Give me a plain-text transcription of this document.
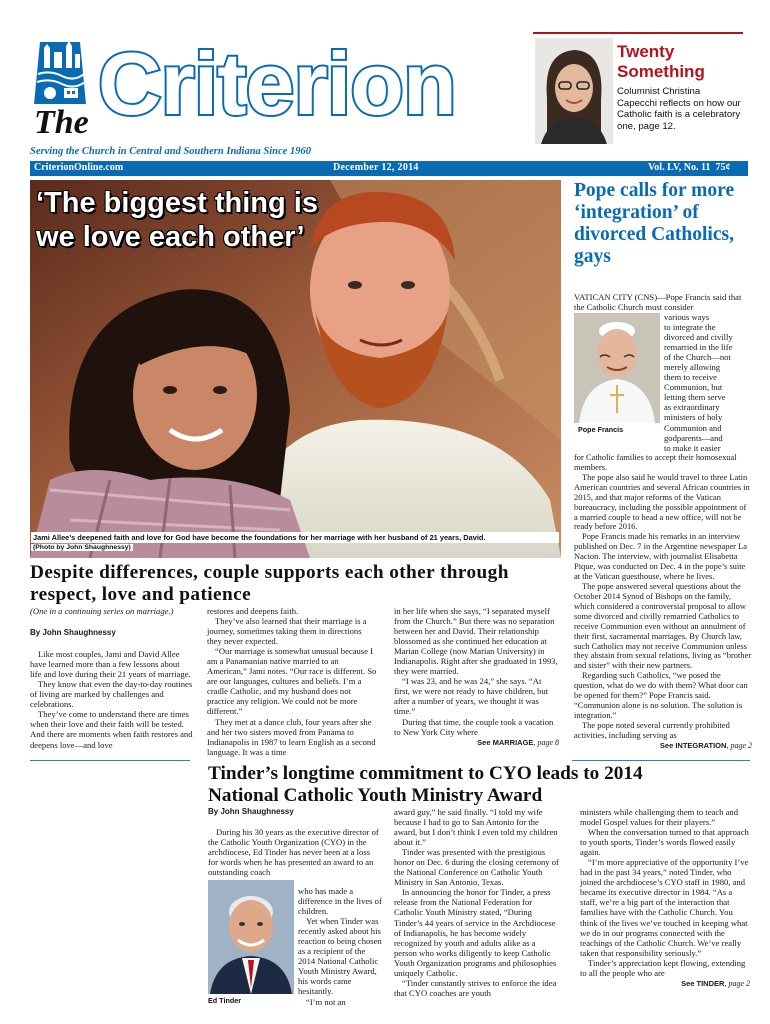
The Criterion
Serving the Church in Central and Southern Indiana Since 1960
CriterionOnline.com	December 12, 2014	Vol. LV, No. 11 75¢
Twenty
Something
Columnist Christina Capecchi reflects on how our Catholic faith is a celebratory one, page 12.
‘The biggest thing is we love each other’
Jami Allee’s deepened faith and love for God have become the foundations for her marriage with her husband of 21 years, David.
(Photo by John Shaughnessy)
Despite differences, couple supports each other through respect, love and patience

(One in a continuing series on marriage.)

By John Shaughnessy

Like most couples, Jami and David Allee have learned more than a few lessons about life and love during their 21 years of marriage.

They know that even the day-to-day routines of living are marked by challenges and celebrations.

They’ve come to understand there are times when their love and their faith will be tested. And there are moments when faith restores and deepens love—and love

restores and deepens faith.

They’ve also learned that their marriage is a journey, sometimes taking them in directions they never expected.

“Our marriage is somewhat unusual because I am a Panamanian native married to an American,” Jami notes. “Our race is different. So are our languages, cultures and beliefs. I’m a cradle Catholic, and my husband does not practice any religion. We could not be more different.”

They met at a dance club, four years after she and her two sisters moved from Panama to Indianapolis in 1987 to learn English as a second language. It was a time

in her life when she says, “I separated myself from the Church.” But there was no separation between her and David. Their relationship blossomed as she continued her education at Marian College (now Marian University) in Indianapolis. Right after she graduated in 1993, they were married.

“I was 23, and he was 24,” she says. “At first, we were not ready to have children, but after a number of years, we thought it was time.”

During that time, the couple took a vacation to New York City where

See MARRIAGE, page 8
Pope calls for more ‘integration’ of divorced Catholics, gays
VATICAN CITY (CNS)—Pope Francis said that the Catholic Church must consider
Pope Francis
various ways
to integrate the
divorced and civilly
remarried in the life
of the Church—not
merely allowing
them to receive
Communion, but
letting them serve
as extraordinary
ministers of holy
Communion and
godparents—and
to make it easier

for Catholic families to accept their homosexual members.

The pope also said he would travel to three Latin American countries and several African countries in 2015, and that major reforms of the Vatican bureaucracy, including the possible appointment of a married couple to head a new office, will not be ready before 2016.

Pope Francis made his remarks in an interview published on Dec. 7 in the Argentine newspaper La Nacion. The interview, with journalist Elisabetta Pique, was conducted on Dec. 4 in the pope’s suite at the Vatican guesthouse, where he lives.

The pope answered several questions about the October 2014 Synod of Bishops on the family, which considered a controversial proposal to allow some divorced and civilly remarried Catholics to receive Communion even without an annulment of their first, sacramental marriages. By Church law, such Catholics may not receive Communion unless they abstain from sexual relations, living as “brother and sister” with their new partners.

Regarding such Catholics, “we posed the question, what do we do with them? What door can be opened for them?” Pope Francis said. “Communion alone is no solution. The solution is integration.”

The pope noted several currently prohibited activities, including serving as

See INTEGRATION, page 2
Tinder’s longtime commitment to CYO leads to 2014 National Catholic Youth Ministry Award
By John Shaughnessy

During his 30 years as the executive director of the Catholic Youth Organization (CYO) in the archdiocese, Ed Tinder has never been at a loss for words when he has presented an award to an outstanding coach

Ed Tinder

who has made a difference in the lives of children.

Yet when Tinder was recently asked about his reaction to being chosen as a recipient of the 2014 National Catholic Youth Ministry Award, his words came hesitantly.

“I’m not an

award guy,” he said finally. “I told my wife because I had to go to San Antonio for the award, but I don’t think I even told my children about it.”

Tinder was presented with the prestigious honor on Dec. 6 during the closing ceremony of the National Conference on Catholic Youth Ministry in San Antonio, Texas.

In announcing the honor for Tinder, a press release from the National Federation for Catholic Youth Ministry stated, “During Tinder’s 44 years of service in the Archdiocese of Indianapolis, he has become widely recognized by youth and adults alike as a person who works diligently to keep Catholic Youth Organization programs and philosophies uniquely Catholic.

“Tinder constantly strives to enforce the idea that CYO coaches are youth

ministers while challenging them to teach and model Gospel values for their players.”

When the conversation turned to that approach to youth sports, Tinder’s words flowed easily again.

“I’m more appreciative of the opportunity I’ve had in the past 34 years,” noted Tinder, who joined the archdiocese’s CYO staff in 1980, and became its executive director in 1984. “As a staff, we’re a big part of the interaction that families have with the Catholic Church. You think of the lives we’ve touched in keeping what we do in our programs connected with the teachings of the Catholic Church. We’ve really taken that responsibility seriously.”

Tinder’s appreciation kept flowing, extending to all the people who are

See TINDER, page 2
